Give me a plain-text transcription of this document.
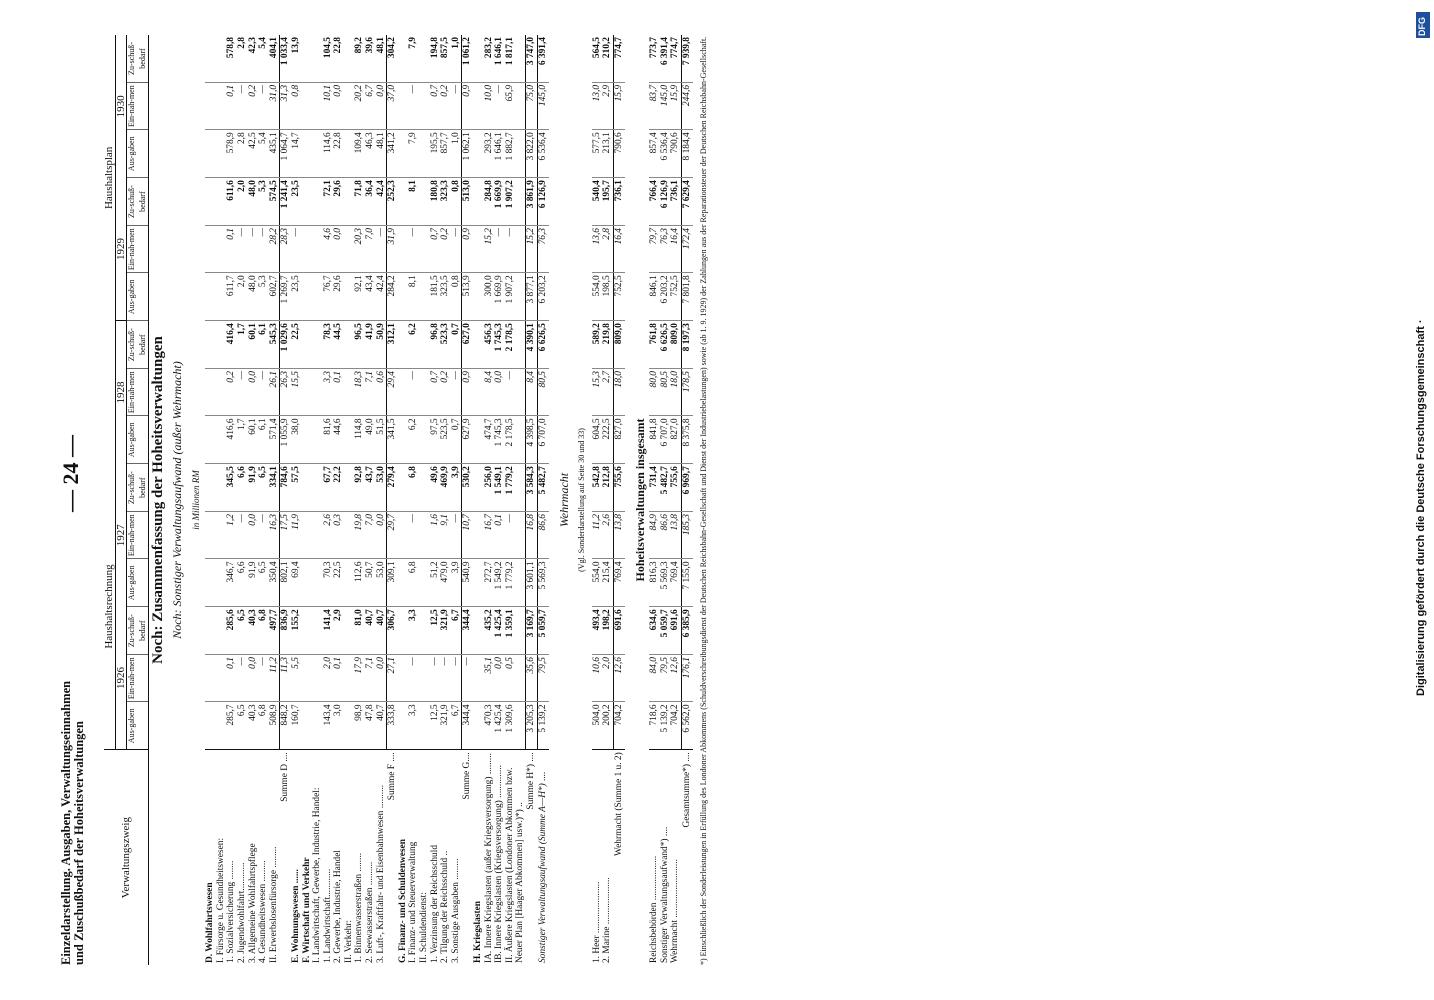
Einzeldarstellung. Ausgaben, Verwaltungseinnahmen und Zuschußbedarf der Hoheitsverwaltungen
— 24 —
Verwaltungszweig	Haushaltsrechnung									Haushaltsplan					
	1926			1927			1928			1929			1930		
	Aus-gaben	Ein-nah-men	Zu-schuß-bedarf	Aus-gaben	Ein-nah-men	Zu-schuß-bedarf	Aus-gaben	Ein-nah-men	Zu-schuß-bedarf	Aus-gaben	Ein-nah-men	Zu-schuß-bedarf	Aus-gaben	Ein-nah-men	Zu-schuß-bedarf
Noch: Zusammenfassung der Hoheitsverwaltungen															
Noch: Sonstiger Verwaltungsaufwand (außer Wehrmacht)															
in Millionen RM															
D. Wohlfahrtswesen															
I. Fürsorge u. Gesundheitswesen:															
1. Sozialversicherung ........	285,7	0,1	285,6	346,7	1,2	345,5	416,6	0,2	416,4	611,7	0,1	611,6	578,9	0,1	578,8
2. Jugendwohlfahrt............	6,5	—	6,5	6,6	—	6,6	1,7	—	1,7	2,0	—	2,0	2,8	—	2,8
3. Allgemeine Wohlfahrtspflege	40,3	0,0	40,3	91,9	0,0	91,9	60,1	0,0	60,1	48,0	—	48,0	42,5	0,2	42,3
4. Gesundheitswesen .........	6,8	—	6,8	6,5	—	6,5	6,1	—	6,1	5,3	—	5,3	5,4	—	5,4
II. Erwerbslosenfürsorge .........	508,9	11,2	497,7	350,4	16,3	334,1	571,4	26,1	545,3	602,7	28,2	574,5	435,1	31,0	404,1
Summe D ....	848,2	11,3	836,9	802,1	17,5	784,6	1 055,9	26,3	1 029,6	1 269,7	28,3	1 241,4	1 064,7	31,3	1 033,4
E. Wohnungswesen ......	160,7	5,5	155,2	69,4	11,9	57,5	38,0	15,5	22,5	23,5	—	23,5	14,7	0,8	13,9
F. Wirtschaft und Verkehr															
I. Landwirtschaft, Gewerbe, Industrie, Handel:															
1. Landwirtschaft............	143,4	2,0	141,4	70,3	2,6	67,7	81,6	3,3	78,3	76,7	4,6	72,1	114,6	10,1	104,5
2. Gewerbe, Industrie, Handel	3,0	0,1	2,9	22,5	0,3	22,2	44,6	0,1	44,5	29,6	0,0	29,6	22,8	0,0	22,8
II. Verkehr:															
1. Binnenwasserstraßen ........	98,9	17,9	81,0	112,6	19,8	92,8	114,8	18,3	96,5	92,1	20,3	71,8	109,4	20,2	89,2
2. Seewasserstraßen ..........	47,8	7,1	40,7	50,7	7,0	43,7	49,0	7,1	41,9	43,4	7,0	36,4	46,3	6,7	39,6
3. Luft-, Kraftfahr- und Eisenbahnwesen ..........	40,7	0,0	40,7	53,0	0,0	53,0	51,5	0,6	50,9	42,4	—	42,4	48,1	0,0	48,1
Summe F ....	333,8	27,1	306,7	309,1	29,7	279,4	341,5	29,4	312,1	284,2	31,9	252,3	341,2	37,0	304,2
G. Finanz- und Schuldenwesen															
I. Finanz- und Steuerverwaltung	3,3	—	3,3	6,8	—	6,8	6,2	—	6,2	8,1	—	8,1	7,9	—	7,9
II. Schuldendienst:															
1. Verzinsung der Reichsschuld	12,5	—	12,5	51,2	1,6	49,6	97,5	0,7	96,8	181,5	0,7	180,8	195,5	0,7	194,8
2. Tilgung der Reichsschuld ..	321,9	—	321,9	479,0	9,1	469,9	523,5	0,2	523,3	323,5	0,2	323,3	857,7	0,2	857,5
3. Sonstige Ausgaben .........	6,7	—	6,7	3,9	—	3,9	0,7	—	0,7	0,8	—	0,8	1,0	—	1,0
Summe G....	344,4	—	344,4	540,9	10,7	530,2	627,9	0,9	627,0	513,9	0,9	513,0	1 062,1	0,9	1 061,2
H. Kriegslasten															
IA. Innere Kriegslasten (außer Kriegsversorgung) .........	470,3	35,1	435,2	272,7	16,7	256,0	474,7	8,4	456,3	300,0	15,2	284,8	293,2	10,0	283,2
IB. Innere Kriegslasten (Kriegsversorgung) ..............	1 425,4	0,0	1 425,4	1 549,2	0,1	1 549,1	1 745,3	0,0	1 745,3	1 669,9	—	1 669,9	1 646,1	—	1 646,1
II. Äußere Kriegslasten (Londoner Abkommen bzw. Neuer Plan [Haager Abkommen] usw.)*) ..	1 309,6	0,5	1 359,1	1 779,2	—	1 779,2	2 178,5	—	2 178,5	1 907,2	—	1 907,2	1 882,7	65,9	1 817,1
Summe H*) ....	3 205,3	35,6	3 169,7	3 601,1	16,8	3 584,3	4 398,5	8,4	4 390,1	3 877,1	15,2	3 861,9	3 822,0	75,0	3 747,0
Sonstiger Verwaltungsaufwand (Summe A—H*) ....	5 139,2	79,5	5 059,7	5 569,3	86,6	5 482,7	6 707,0	80,5	6 626,5	6 203,2	76,3	6 126,9	6 536,4	145,0	6 391,4
Wehrmacht															
(Vgl. Sonderdarstellung auf Seite 30 und 33)															
1. Heer ......................	504,0	10,6	493,4	554,0	11,2	542,8	604,5	15,3	589,2	554,0	13,6	540,4	577,5	13,0	564,5
2. Marine ....................	200,2	2,0	198,2	215,4	2,6	212,8	222,5	2,7	219,8	198,5	2,8	195,7	213,1	2,9	210,2
Wehrmacht (Summe 1 u. 2)	704,2	12,6	691,6	769,4	13,8	755,6	827,0	18,0	809,0	752,5	16,4	736,1	790,6	15,9	774,7
Hoheitsverwaltungen insgesamt															
Reichsbehörden ...................	718,6	84,0	634,6	816,3	84,9	731,4	841,8	80,0	761,8	846,1	79,7	766,4	857,4	83,7	773,7
Sonstiger Verwaltungsaufwand*) ....	5 139,2	79,5	5 059,7	5 569,3	86,6	5 482,7	6 707,0	80,5	6 626,5	6 203,2	76,3	6 126,9	6 536,4	145,0	6 391,4
Wehrmacht .........................	704,2	12,6	691,6	769,4	13,8	755,6	827,0	18,0	809,0	752,5	16,4	736,1	790,6	15,9	774,7
Gesamtsumme*) ....	6 562,0	176,1	6 385,9	7 155,0	185,3	6 969,7	8 375,8	178,5	8 197,3	7 801,8	172,4	7 629,4	8 184,4	244,6	7 939,8
*) Einschließlich der Sonderleistungen in Erfüllung des Londoner Abkommens (Schuldverschreibungsdienst der Deutschen Reichsbahn-Gesellschaft und Dienst der Industriebelastungen) sowie (ab 1. 9. 1929) der Zahlungen aus der Reparationsteuer der Deutschen Reichsbahn-Gesellschaft.															
DFG
Digitalisierung gefördert durch die Deutsche Forschungsgemeinschaft ·
